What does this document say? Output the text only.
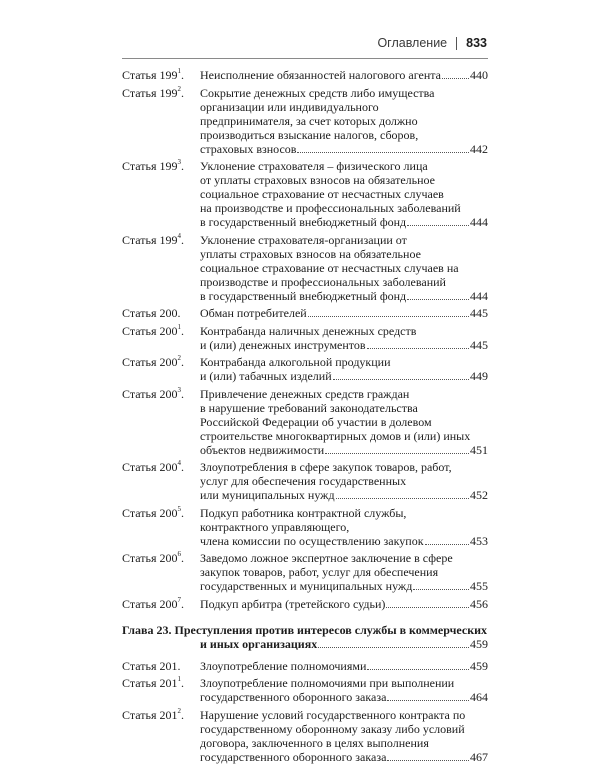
Оглавление 833
Статья $199^1$.	Неисполнение обязанностей налогового агента 440
Статья $199^2$.	Сокрытие денежных средств либо имущества
организации или индивидуального
предпринимателя, за счет которых должно
производиться взыскание налогов, сборов,
страховых взносов	442
Статья $199^3$.	Уклонение страхователя – физического лица
от уплаты страховых взносов на обязательное
социальное страхование от несчастных случаев
на производстве и профессиональных заболеваний
в государственный внебюджетный фонд	444
Статья $199^4$.	Уклонение страхователя-организации от
уплаты страховых взносов на обязательное
социальное страхование от несчастных случаев на
производстве и профессиональных заболеваний
в государственный внебюджетный фонд	444
Статья 200.	Обман потребителей	445
Статья $200^1$.	Контрабанда наличных денежных средств
и (или) денежных инструментов	445
Статья $200^2$.	Контрабанда алкогольной продукции
и (или) табачных изделий	449
Статья $200^3$.	Привлечение денежных средств граждан
в нарушение требований законодательства
Российской Федерации об участии в долевом
строительстве многоквартирных домов и (или) иных
объектов недвижимости	451
Статья $200^4$.	Злоупотребления в сфере закупок товаров, работ,
услуг для обеспечения государственных
или муниципальных нужд	452
Статья $200^5$.	Подкуп работника контрактной службы,
контрактного управляющего,
члена комиссии по осуществлению закупок	453
Статья $200^6$.	Заведомо ложное экспертное заключение в сфере
закупок товаров, работ, услуг для обеспечения
государственных и муниципальных нужд	455
Статья $200^7$.	Подкуп арбитра (третейского судьи)	456
Глава 23. Преступления против интересов службы в коммерческих
и иных организациях	459
Статья 201.	Злоупотребление полномочиями	459
Статья $201^1$.	Злоупотребление полномочиями при выполнении
государственного оборонного заказа	464
Статья $201^2$.	Нарушение условий государственного контракта по
государственному оборонному заказу либо условий
договора, заключенного в целях выполнения
государственного оборонного заказа	467
